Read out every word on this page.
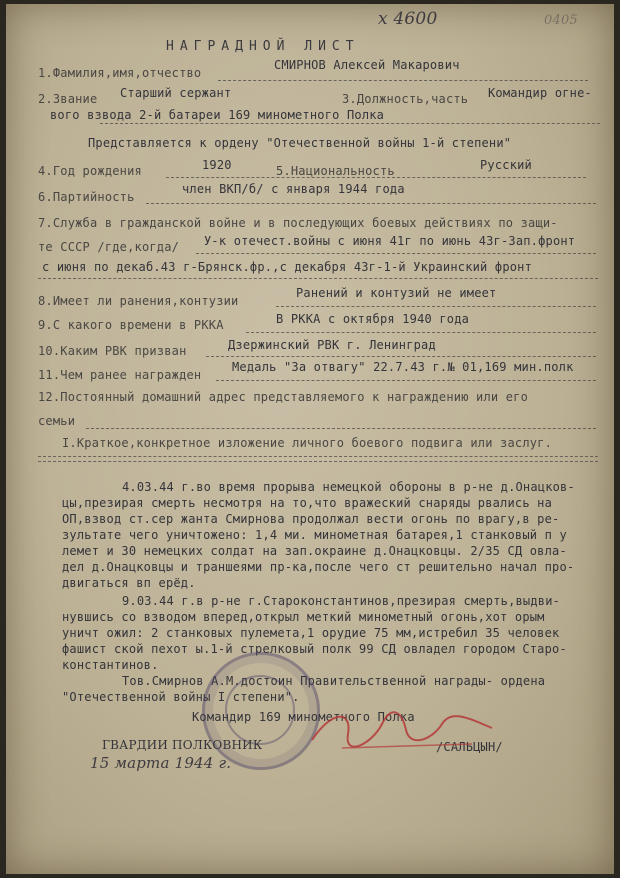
х 4600	0405
НАГРАДНОЙ ЛИСТ
1.Фамилия,имя,отчество
СМИРНОВ Алексей Макарович
2.Звание Старший сержант	3.Должность,часть Командир огне-
вого взвода 2-й батареи 169 минометного Полка
Представляется к ордену "Отечественной войны 1-й степени"
4.Год рождения	1920	5.Национальность	Русский
6.Партийность
член ВКП/б/ с января 1944 года
7.Служба в гражданской войне и в последующих боевых действиях по защи-
те СССР /где,когда/ У-к отечест.войны с июня 41г по июнь 43г-Зап.фронт
с июня по декаб.43 г-Брянск.фр.,с декабря 43г-1-й Украинский фронт
8.Имеет ли ранения,контузии
Ранений и контузий не имеет
9.С какого времени в РККА	В РККА с октября 1940 года
10.Каким РВК призван	Дзержинский РВК г. Ленинград
11.Чем ранее награжден
Медаль "За отвагу" 22.7.43 г.№ 01,169 мин.полк
12.Постоянный домашний адрес представляемого к награждению или его
семьи
I.Краткое,конкретное изложение личного боевого подвига или заслуг.
4.03.44 г.во время прорыва немецкой обороны в р-не д.Онацков-
цы,презирая смерть несмотря на то,что вражеский снаряды рвались на
ОП,взвод ст.сер жанта Смирнова продолжал вести огонь по врагу,в ре-
зультате чего уничтожено: 1,4 ми. минометная батарея,1 станковый п у
лемет и 30 немецких солдат на зап.окраине д.Онацковцы. 2/35 СД овла-
дел д.Онацковцы и траншеями пр-ка,после чего ст решительно начал про-
двигаться вп ерёд.
9.03.44 г.в р-не г.Староконстантинов,презирая смерть,выдви-
нувшись со взводом вперед,открыл меткий минометный огонь,хот орым
уничт ожил: 2 станковых пулемета,1 орудие 75 мм,истребил 35 человек
фашист ской пехот ы.1-й стрелковый полк 99 СД овладел городом Старо-
константинов.
Тов.Смирнов А.М.достоин Правительственной награды- ордена
"Отечественной войны I степени".
Командир 169 минометного Полка
ГВАРДИИ ПОЛКОВНИК	/САЛЬЦЫН/
15 марта 1944 г.
